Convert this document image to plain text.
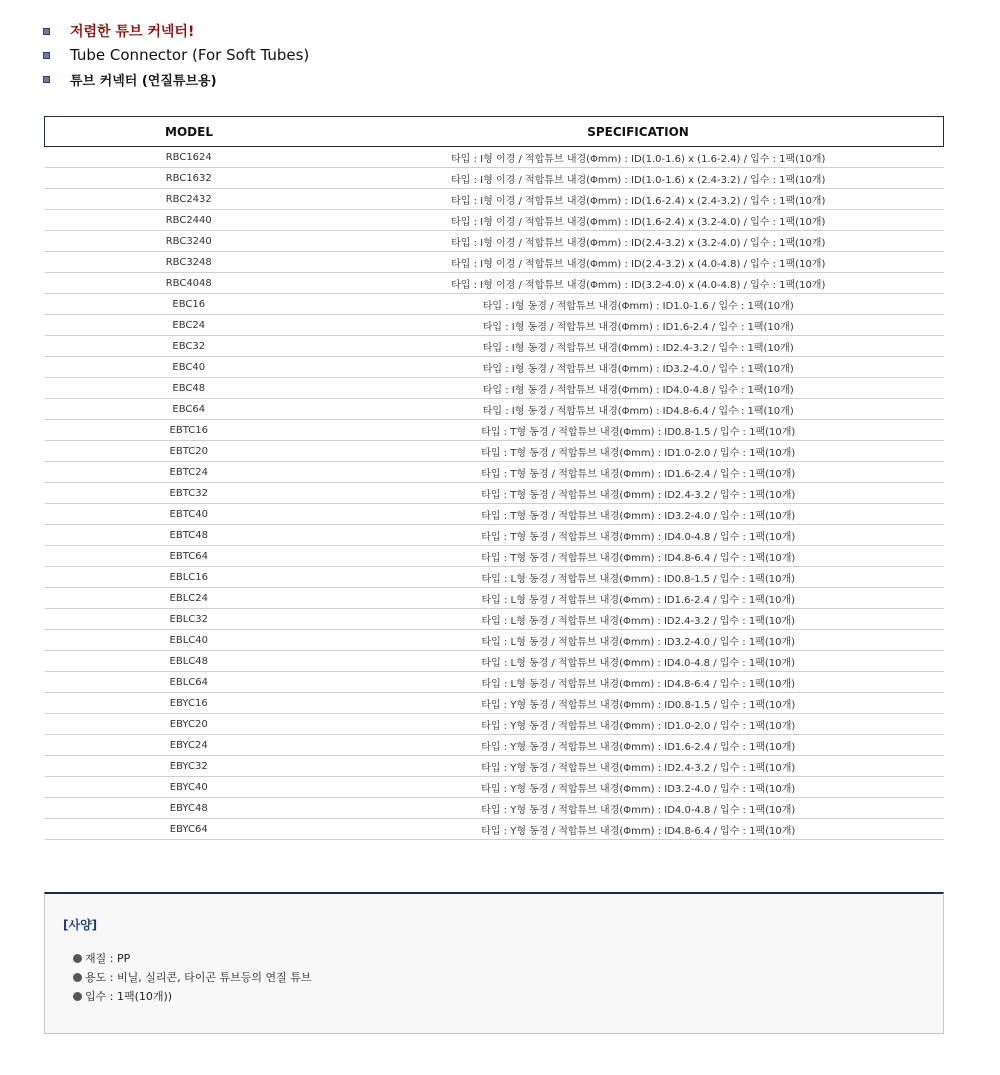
저렴한 튜브 커넥터!
Tube Connector (For Soft Tubes)
튜브 커넥터 (연질튜브용)
MODEL	SPECIFICATION
RBC1624	타입 : I형 이경 / 적합튜브 내경(Φmm) : ID(1.0-1.6) x (1.6-2.4) / 입수 : 1팩(10개)
RBC1632	타입 : I형 이경 / 적합튜브 내경(Φmm) : ID(1.0-1.6) x (2.4-3.2) / 입수 : 1팩(10개)
RBC2432	타입 : I형 이경 / 적합튜브 내경(Φmm) : ID(1.6-2.4) x (2.4-3.2) / 입수 : 1팩(10개)
RBC2440	타입 : I형 이경 / 적합튜브 내경(Φmm) : ID(1.6-2.4) x (3.2-4.0) / 입수 : 1팩(10개)
RBC3240	타입 : I형 이경 / 적합튜브 내경(Φmm) : ID(2.4-3.2) x (3.2-4.0) / 입수 : 1팩(10개)
RBC3248	타입 : I형 이경 / 적합튜브 내경(Φmm) : ID(2.4-3.2) x (4.0-4.8) / 입수 : 1팩(10개)
RBC4048	타입 : I형 이경 / 적합튜브 내경(Φmm) : ID(3.2-4.0) x (4.0-4.8) / 입수 : 1팩(10개)
EBC16	타입 : I형 동경 / 적합튜브 내경(Φmm) : ID1.0-1.6 / 입수 : 1팩(10개)
EBC24	타입 : I형 동경 / 적합튜브 내경(Φmm) : ID1.6-2.4 / 입수 : 1팩(10개)
EBC32	타입 : I형 동경 / 적합튜브 내경(Φmm) : ID2.4-3.2 / 입수 : 1팩(10개)
EBC40	타입 : I형 동경 / 적합튜브 내경(Φmm) : ID3.2-4.0 / 입수 : 1팩(10개)
EBC48	타입 : I형 동경 / 적합튜브 내경(Φmm) : ID4.0-4.8 / 입수 : 1팩(10개)
EBC64	타입 : I형 동경 / 적합튜브 내경(Φmm) : ID4.8-6.4 / 입수 : 1팩(10개)
EBTC16	타입 : T형 동경 / 적합튜브 내경(Φmm) : ID0.8-1.5 / 입수 : 1팩(10개)
EBTC20	타입 : T형 동경 / 적합튜브 내경(Φmm) : ID1.0-2.0 / 입수 : 1팩(10개)
EBTC24	타입 : T형 동경 / 적합튜브 내경(Φmm) : ID1.6-2.4 / 입수 : 1팩(10개)
EBTC32	타입 : T형 동경 / 적합튜브 내경(Φmm) : ID2.4-3.2 / 입수 : 1팩(10개)
EBTC40	타입 : T형 동경 / 적합튜브 내경(Φmm) : ID3.2-4.0 / 입수 : 1팩(10개)
EBTC48	타입 : T형 동경 / 적합튜브 내경(Φmm) : ID4.0-4.8 / 입수 : 1팩(10개)
EBTC64	타입 : T형 동경 / 적합튜브 내경(Φmm) : ID4.8-6.4 / 입수 : 1팩(10개)
EBLC16	타입 : L형 동경 / 적합튜브 내경(Φmm) : ID0.8-1.5 / 입수 : 1팩(10개)
EBLC24	타입 : L형 동경 / 적합튜브 내경(Φmm) : ID1.6-2.4 / 입수 : 1팩(10개)
EBLC32	타입 : L형 동경 / 적합튜브 내경(Φmm) : ID2.4-3.2 / 입수 : 1팩(10개)
EBLC40	타입 : L형 동경 / 적합튜브 내경(Φmm) : ID3.2-4.0 / 입수 : 1팩(10개)
EBLC48	타입 : L형 동경 / 적합튜브 내경(Φmm) : ID4.0-4.8 / 입수 : 1팩(10개)
EBLC64	타입 : L형 동경 / 적합튜브 내경(Φmm) : ID4.8-6.4 / 입수 : 1팩(10개)
EBYC16	타입 : Y형 동경 / 적합튜브 내경(Φmm) : ID0.8-1.5 / 입수 : 1팩(10개)
EBYC20	타입 : Y형 동경 / 적합튜브 내경(Φmm) : ID1.0-2.0 / 입수 : 1팩(10개)
EBYC24	타입 : Y형 동경 / 적합튜브 내경(Φmm) : ID1.6-2.4 / 입수 : 1팩(10개)
EBYC32	타입 : Y형 동경 / 적합튜브 내경(Φmm) : ID2.4-3.2 / 입수 : 1팩(10개)
EBYC40	타입 : Y형 동경 / 적합튜브 내경(Φmm) : ID3.2-4.0 / 입수 : 1팩(10개)
EBYC48	타입 : Y형 동경 / 적합튜브 내경(Φmm) : ID4.0-4.8 / 입수 : 1팩(10개)
EBYC64	타입 : Y형 동경 / 적합튜브 내경(Φmm) : ID4.8-6.4 / 입수 : 1팩(10개)
[사양]
재질 : PP
용도 : 비닐, 실리콘, 타이곤 튜브등의 연질 튜브
입수 : 1팩(10개))
